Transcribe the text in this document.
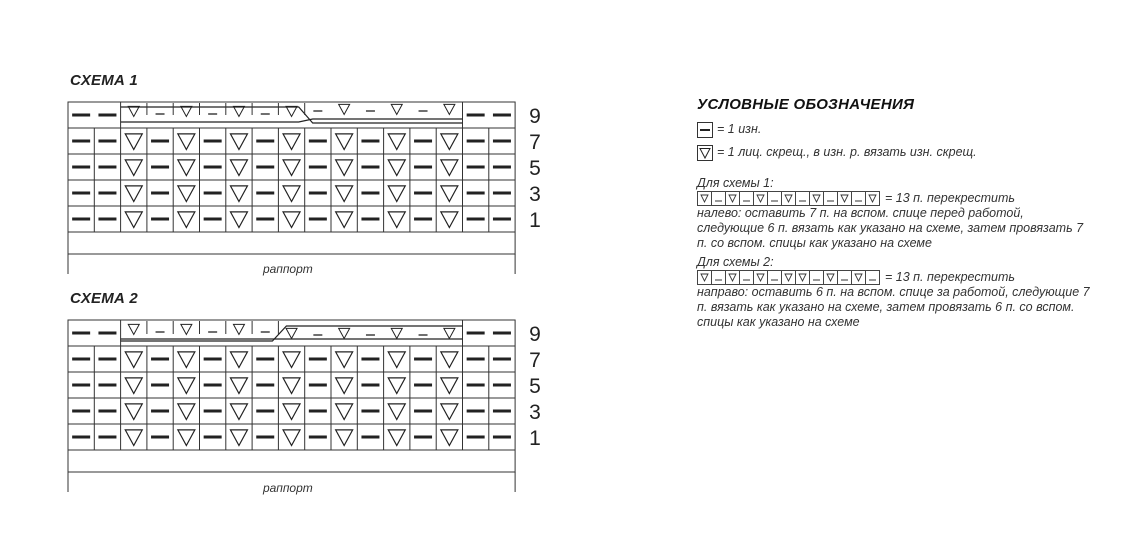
СХЕМА 1
9
7
5
3
1
раппорт
СХЕМА 2
9
7
5
3
1
раппорт
УСЛОВНЫЕ ОБОЗНАЧЕНИЯ
= 1 изн.
= 1 лиц. скрещ., в изн. р. вязать изн. скрещ.
Для схемы 1:
= 13 п. перекрестить
налево: оставить 7 п. на вспом. спице перед работой, следующие 6 п. вязать как указано на схеме, затем провязать 7 п. со вспом. спицы как указано на схеме
Для схемы 2:
= 13 п. перекрестить
направо: оставить 6 п. на вспом. спице за работой, следующие 7 п. вязать как указано на схеме, затем провязать 6 п. со вспом. спицы как указано на схеме
